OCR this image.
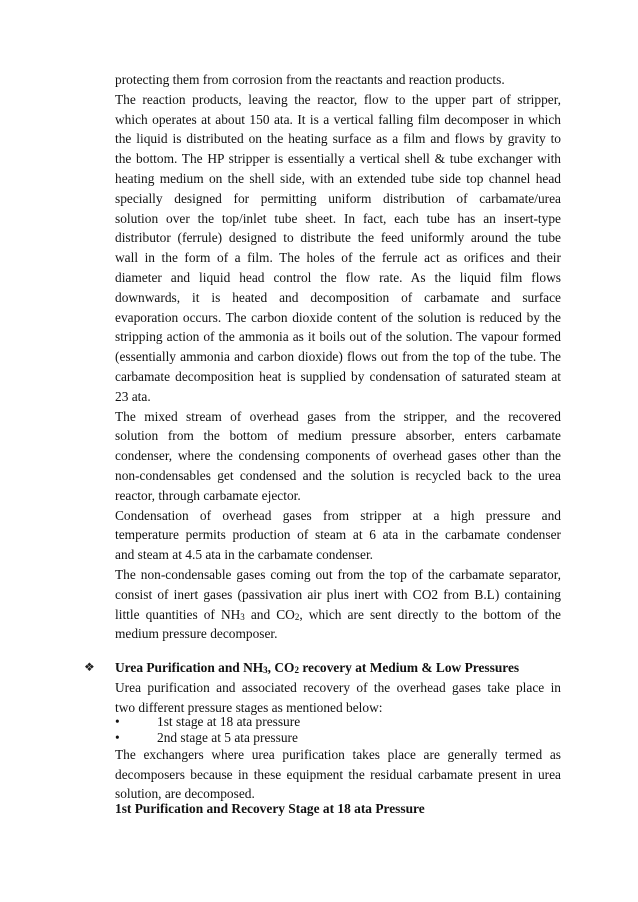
protecting them from corrosion from the reactants and reaction products.
The reaction products, leaving the reactor, flow to the upper part of stripper,
which operates at about 150 ata. It is a vertical falling film decomposer in which
the liquid is distributed on the heating surface as a film and flows by gravity to
the bottom. The HP stripper is essentially a vertical shell & tube exchanger with
heating medium on the shell side, with an extended tube side top channel head
specially designed for permitting uniform distribution of carbamate/urea
solution over the top/inlet tube sheet. In fact, each tube has an insert-type
distributor (ferrule) designed to distribute the feed uniformly around the tube
wall in the form of a film. The holes of the ferrule act as orifices and their
diameter and liquid head control the flow rate. As the liquid film flows
downwards, it is heated and decomposition of carbamate and surface
evaporation occurs. The carbon dioxide content of the solution is reduced by the
stripping action of the ammonia as it boils out of the solution. The vapour formed
(essentially ammonia and carbon dioxide) flows out from the top of the tube. The
carbamate decomposition heat is supplied by condensation of saturated steam at
23 ata.
The mixed stream of overhead gases from the stripper, and the recovered
solution from the bottom of medium pressure absorber, enters carbamate
condenser, where the condensing components of overhead gases other than the
non-condensables get condensed and the solution is recycled back to the urea
reactor, through carbamate ejector.
Condensation of overhead gases from stripper at a high pressure and
temperature permits production of steam at 6 ata in the carbamate condenser
and steam at 4.5 ata in the carbamate condenser.
The non-condensable gases coming out from the top of the carbamate separator,
consist of inert gases (passivation air plus inert with CO2 from B.L) containing
little quantities of $NH_3$ and $CO_2$, which are sent directly to the bottom of the
medium pressure decomposer.
❖ Urea Purification and $NH_3$, $CO_2$ recovery at Medium & Low Pressures
Urea purification and associated recovery of the overhead gases take place in
two different pressure stages as mentioned below:
•	1st stage at 18 ata pressure
•	2nd stage at 5 ata pressure
The exchangers where urea purification takes place are generally termed as
decomposers because in these equipment the residual carbamate present in urea
solution, are decomposed.
1st Purification and Recovery Stage at 18 ata Pressure
